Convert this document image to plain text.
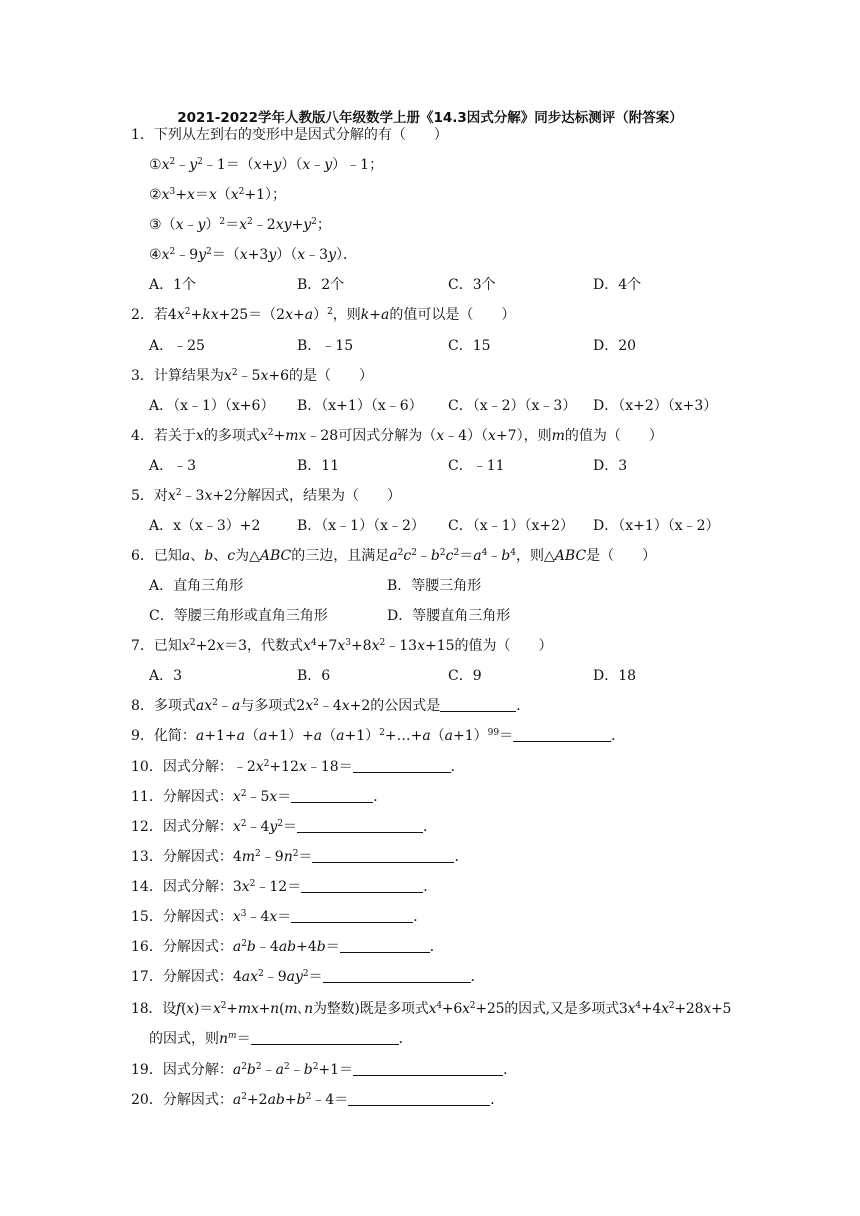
2021-2022学年人教版八年级数学上册《14.3因式分解》同步达标测评（附答案）
1．下列从左到右的变形中是因式分解的有（　　）
$①x^2﹣y^2﹣1=(x+y)(x﹣y)﹣1$；
$②x^3+x=x(x^2+1)$；
$③(x﹣y)^2=x^2﹣2xy+y^2$；
$④x^2﹣9y^2=(x+3y)(x﹣3y)$．
A．1个	B．2个	C．3个	D．4个
2．若$4x^2+kx+25=(2x+a)^2$，则k+a的值可以是（　　）
A．﹣25	B．﹣15	C．15	D．20
3．计算结果为$x^2﹣5x+6$的是（　　）
A．（x﹣1）（x+6） B．（x+1）（x﹣6） C．（x﹣2）（x﹣3） D．（x+2）（x+3）
4．若关于x的多项式$x^2+mx﹣28$可因式分解为（x﹣4）（x+7），则m的值为（　　）
A．﹣3	B．11	C．﹣11	D．3
5．对$x^2﹣3x+2$分解因式，结果为（　　）
A．x（x﹣3）+2	B．（x﹣1）（x﹣2） C．（x﹣1）（x+2） D．（x+1）（x﹣2）
6．已知a、b、c为△ABC的三边，且满足$a^2c^2﹣b^2c^2=a^4﹣b^4$，则△ABC是（　　）
A．直角三角形	B．等腰三角形
C．等腰三角形或直角三角形	D．等腰直角三角形
7．已知$x^2+2x=3$，代数式$x^4+7x^3+8x^2﹣13x+15$的值为（　　）
A．3	B．6	C．9	D．18
8．多项式$ax^2﹣a$与多项式$2x^2﹣4x+2$的公因式是	．
9．化简：$a+1+a(a+1)+a(a+1)^2+\dots+a(a+1)^{99}=$	．
10．因式分解：$﹣2x^2+12x﹣18=$	．
11．分解因式：$x^2﹣5x=$	．
12．因式分解：$x^2﹣4y^2=$	．
13．分解因式：$4m^2﹣9n^2=$	．
14．因式分解：$3x^2﹣12=$	．
15．分解因式：$x^3﹣4x=$	．
16．分解因式：$a^2b﹣4ab+4b=$	．
17．分解因式：$4ax^2﹣9ay^2=$	．
18．设$f(x)=x^2+mx+n(m$､n为整数)既是多项式$x^4+6x^2+25$的因式,又是多项式$3x^4+4x^2+28x+5$
的因式，则$n^m=$	．
19．因式分解：$a^2b^2﹣a^2﹣b^2+1=$	．
20．分解因式：$a^2+2ab+b^2﹣4=$	．
